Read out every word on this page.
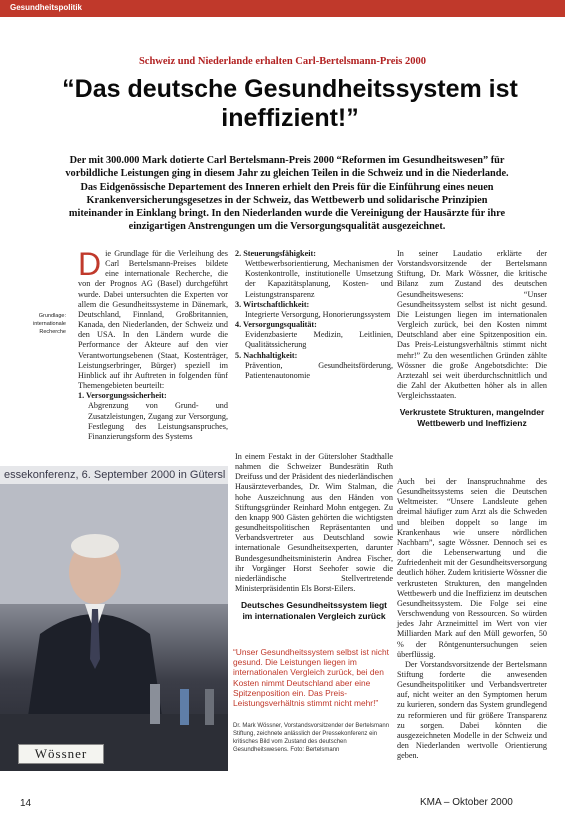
Gesundheitspolitik
Schweiz und Niederlande erhalten Carl-Bertelsmann-Preis 2000
“Das deutsche Gesundheitssystem ist ineffizient!”
Der mit 300.000 Mark dotierte Carl Bertelsmann-Preis 2000 “Reformen im Gesundheitswesen” für vorbildliche Leistungen ging in diesem Jahr zu gleichen Teilen in die Schweiz und in die Niederlande. Das Eidgenössische Departement des Inneren erhielt den Preis für die Einführung eines neuen Krankenversicherungsgesetzes in der Schweiz, das Wettbewerb und solidarische Prinzipien miteinander in Einklang bringt. In den Niederlanden wurde die Vereinigung der Hausärzte für ihre einzigartigen Anstrengungen um die Versorgungsqualität ausgezeichnet.
Grundlage: internationale Recherche

Die Grundlage für die Verleihung des Carl Bertelsmann-Preises bildete eine internationale Recherche, die von der Prognos AG (Basel) durchgeführt wurde. Dabei untersuchten die Experten vor allem die Gesundheitssysteme in Dänemark, Deutschland, Finnland, Großbritannien, Kanada, den Niederlanden, der Schweiz und den USA. In den Ländern wurde die Performance der Akteure auf den vier Verantwortungsebenen (Staat, Kostenträger, Leistungserbringer, Bürger) speziell im Hinblick auf ihr Auftreten in folgenden fünf Themengebieten beurteilt:

1. Versorgungssicherheit:
Abgrenzung von Grund- und Zusatzleistungen, Zugang zur Versorgung, Festlegung des Leistungsanspruches, Finanzierungsform des Systems
2. Steuerungsfähigkeit:
Wettbewerbsorientierung, Mechanismen der Kostenkontrolle, institutionelle Umsetzung der Kapazitätsplanung, Kosten- und Leistungstransparenz
3. Wirtschaftlichkeit:
Integrierte Versorgung, Honorierungssystem
4. Versorgungsqualität:
Evidenzbasierte Medizin, Leitlinien, Qualitätssicherung
5. Nachhaltigkeit:
Prävention, Gesundheitsförderung, Patientenautonomie

In einem Festakt in der Gütersloher Stadthalle nahmen die Schweizer Bundesrätin Ruth Dreifuss und der Präsident des niederländischen Hausärzteverbandes, Dr. Wim Stalman, die hohe Auszeichnung aus den Händen von Stiftungsgründer Reinhard Mohn entgegen. Zu den knapp 900 Gästen gehörten die wichtigsten gesundheitspolitischen Repräsentanten und Verbandsvertreter aus Deutschland sowie internationale Gesundheitsexperten, darunter Bundesgesundheitsministerin Andrea Fischer, ihr Vorgänger Horst Seehofer sowie die niederländische Stellvertretende Ministerpräsidentin Els Borst-Eilers.

Deutsches Gesundheitssystem liegt im internationalen Vergleich zurück

In seiner Laudatio erklärte der Vorstandsvorsitzende der Bertelsmann Stiftung, Dr. Mark Wössner, die kritische Bilanz zum Zustand des deutschen Gesundheitswesens: “Unser Gesundheitssystem selbst ist nicht gesund. Die Leistungen liegen im internationalen Vergleich zurück, bei den Kosten nimmt Deutschland aber eine Spitzenposition ein. Das Preis-Leistungsverhältnis stimmt nicht mehr!” Zu den wesentlichen Gründen zählte Wössner die große Angebotsdichte: Die Arztezahl sei weit überdurchschnittlich und die Zahl der Akutbetten höher als in allen Vergleichsstaaten.

Verkrustete Strukturen, mangelnder Wettbewerb und Ineffizienz

Auch bei der Inanspruchnahme des Gesundheitssystems seien die Deutschen Weltmeister. “Unsere Landsleute gehen dreimal häufiger zum Arzt als die Schweden und bleiben doppelt so lange im Krankenhaus wie unsere nördlichen Nachbarn”, sagte Wössner. Dennoch sei es dort die Lebenserwartung und die Zufriedenheit mit der Gesundheitsversorgung deutlich höher. Zudem kritisierte Wössner die verkrusteten Strukturen, den mangelnden Wettbewerb und die Ineffizienz im deutschen Gesundheitssystem. Die Folge sei eine Verschwendung von Ressourcen. So würden jedes Jahr Arzneimittel im Wert von vier Milliarden Mark auf den Müll geworfen, 50 % der Röntgenuntersuchungen seien überflüssig.

Der Vorstandsvorsitzende der Bertelsmann Stiftung forderte die anwesenden Gesundheitspolitiker und Verbandsvertreter auf, nicht weiter an den Symptomen herum zu kurieren, sondern das System grundlegend zu reformieren und für größere Transparenz zu sorgen. Dabei könnten die ausgezeichneten Modelle in der Schweiz und den Niederlanden wertvolle Orientierung geben.

essekonferenz, 6. September 2000 in Gütersl
Wössner
“Unser Gesundheitssystem selbst ist nicht gesund. Die Leistungen liegen im internationalen Vergleich zurück, bei den Kosten nimmt Deutschland aber eine Spitzenposition ein. Das Preis-Leistungsverhältnis stimmt nicht mehr!”
Dr. Mark Wössner, Vorstandsvorsitzender der Bertelsmann Stiftung, zeichnete anlässlich der Pressekonferenz ein kritisches Bild vom Zustand des deutschen Gesundheitswesens. Foto: Bertelsmann
14	KMA – Oktober 2000
